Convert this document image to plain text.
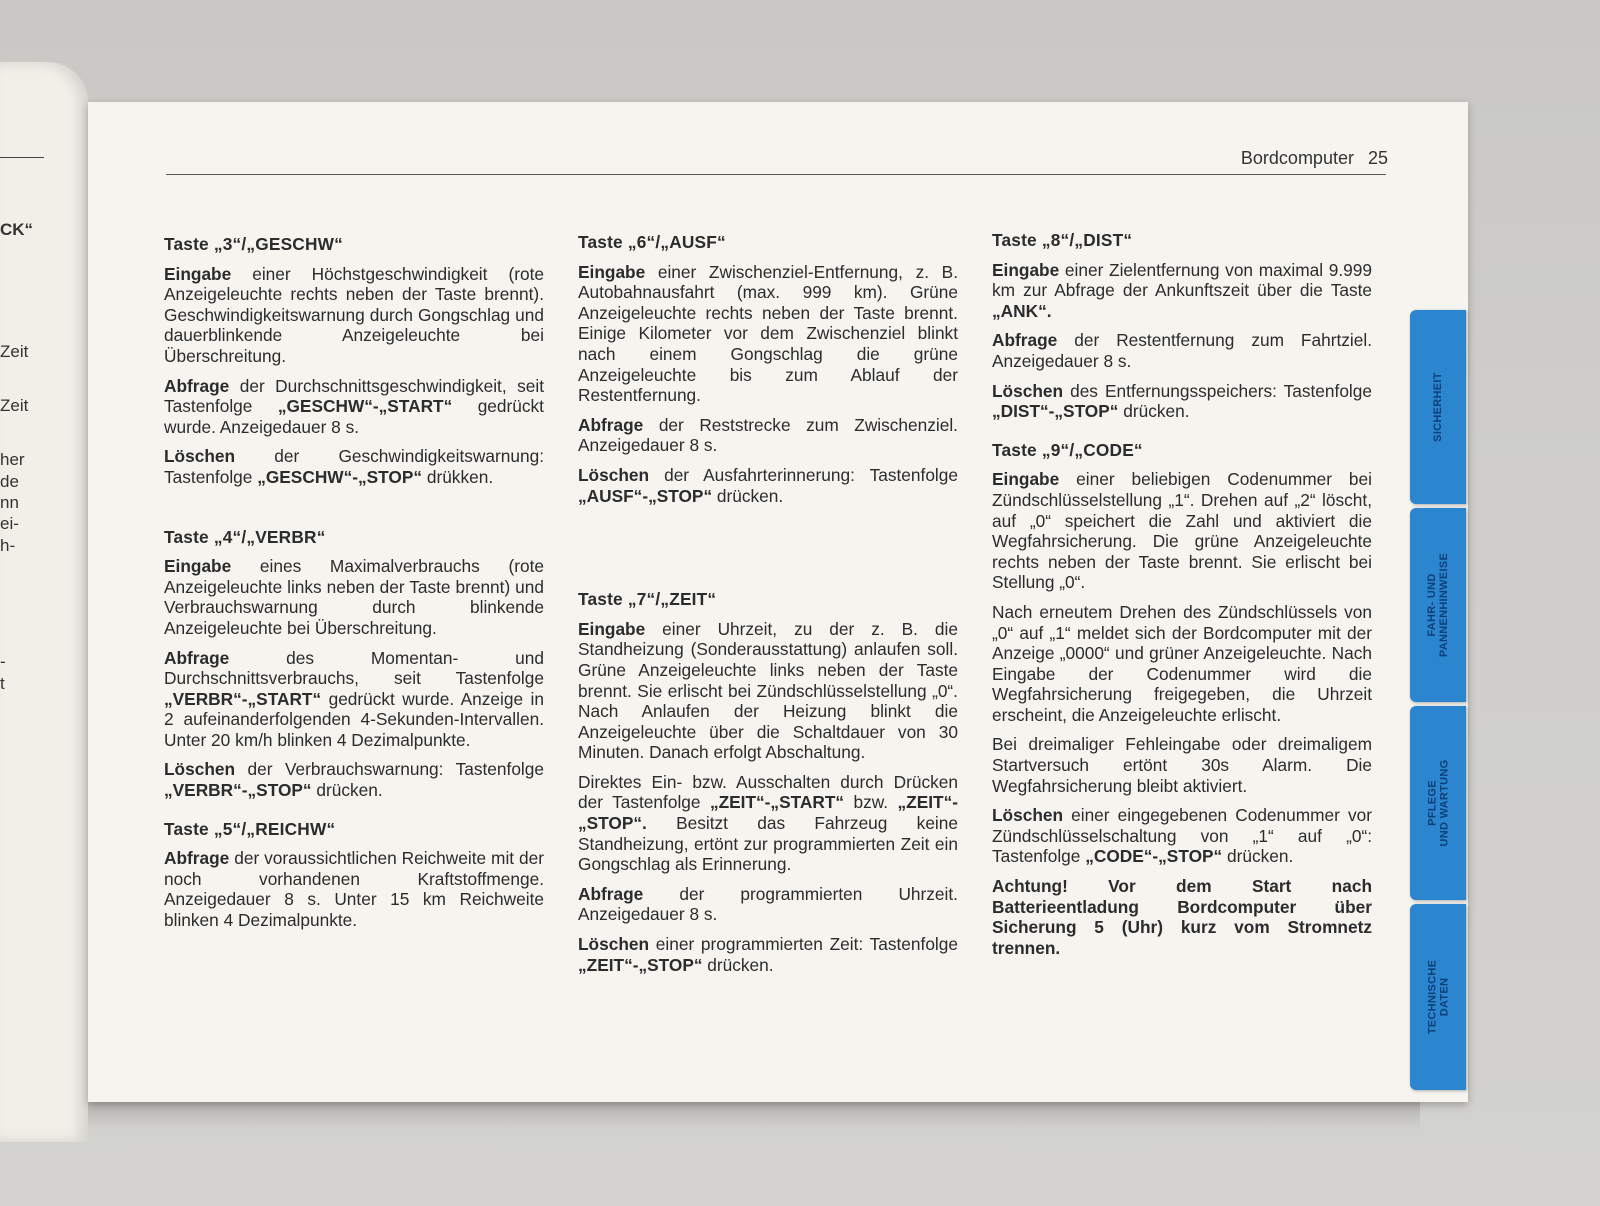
CK“
Zeit
Zeit
her
de
nn
ei-
h-
-
t
Bordcomputer 25
Taste „3“/„GESCHW“

Eingabe einer Höchstgeschwindigkeit (rote Anzeigeleuchte rechts neben der Taste brennt). Geschwindigkeitswarnung durch Gongschlag und dauerblinkende Anzeigeleuchte bei Überschreitung.

Abfrage der Durchschnittsgeschwindigkeit, seit Tastenfolge „GESCHW“-„START“ gedrückt wurde. Anzeigedauer 8 s.

Löschen der Geschwindigkeitswarnung: Tastenfolge „GESCHW“-„STOP“ drükken.

Taste „4“/„VERBR“

Eingabe eines Maximalverbrauchs (rote Anzeigeleuchte links neben der Taste brennt) und Verbrauchswarnung durch blinkende Anzeigeleuchte bei Überschreitung.

Abfrage des Momentan- und Durchschnittsverbrauchs, seit Tastenfolge „VERBR“-„START“ gedrückt wurde. Anzeige in 2 aufeinanderfolgenden 4-Sekunden-Intervallen. Unter 20 km/h blinken 4 Dezimalpunkte.

Löschen der Verbrauchswarnung: Tastenfolge „VERBR“-„STOP“ drücken.

Taste „5“/„REICHW“

Abfrage der voraussichtlichen Reichweite mit der noch vorhandenen Kraftstoffmenge. Anzeigedauer 8 s. Unter 15 km Reichweite blinken 4 Dezimalpunkte.

Taste „6“/„AUSF“

Eingabe einer Zwischenziel-Entfernung, z. B. Autobahnausfahrt (max. 999 km). Grüne Anzeigeleuchte rechts neben der Taste brennt. Einige Kilometer vor dem Zwischenziel blinkt nach einem Gongschlag die grüne Anzeigeleuchte bis zum Ablauf der Restentfernung.

Abfrage der Reststrecke zum Zwischenziel. Anzeigedauer 8 s.

Löschen der Ausfahrterinnerung: Tastenfolge „AUSF“-„STOP“ drücken.

Taste „7“/„ZEIT“

Eingabe einer Uhrzeit, zu der z. B. die Standheizung (Sonderausstattung) anlaufen soll. Grüne Anzeigeleuchte links neben der Taste brennt. Sie erlischt bei Zündschlüsselstellung „0“. Nach Anlaufen der Heizung blinkt die Anzeigeleuchte über die Schaltdauer von 30 Minuten. Danach erfolgt Abschaltung.

Direktes Ein- bzw. Ausschalten durch Drücken der Tastenfolge „ZEIT“-„START“ bzw. „ZEIT“-„STOP“. Besitzt das Fahrzeug keine Standheizung, ertönt zur programmierten Zeit ein Gongschlag als Erinnerung.

Abfrage der programmierten Uhrzeit. Anzeigedauer 8 s.

Löschen einer programmierten Zeit: Tastenfolge „ZEIT“-„STOP“ drücken.

Taste „8“/„DIST“

Eingabe einer Zielentfernung von maximal 9.999 km zur Abfrage der Ankunftszeit über die Taste „ANK“.

Abfrage der Restentfernung zum Fahrtziel. Anzeigedauer 8 s.

Löschen des Entfernungsspeichers: Tastenfolge „DIST“-„STOP“ drücken.

Taste „9“/„CODE“

Eingabe einer beliebigen Codenummer bei Zündschlüsselstellung „1“. Drehen auf „2“ löscht, auf „0“ speichert die Zahl und aktiviert die Wegfahrsicherung. Die grüne Anzeigeleuchte rechts neben der Taste brennt. Sie erlischt bei Stellung „0“.

Nach erneutem Drehen des Zündschlüssels von „0“ auf „1“ meldet sich der Bordcomputer mit der Anzeige „0000“ und grüner Anzeigeleuchte. Nach Eingabe der Codenummer wird die Wegfahrsicherung freigegeben, die Uhrzeit erscheint, die Anzeigeleuchte erlischt.

Bei dreimaliger Fehleingabe oder dreimaligem Startversuch ertönt 30s Alarm. Die Wegfahrsicherung bleibt aktiviert.

Löschen einer eingegebenen Codenummer vor Zündschlüsselschaltung von „1“ auf „0“: Tastenfolge „CODE“-„STOP“ drücken.

Achtung! Vor dem Start nach Batterieentladung Bordcomputer über Sicherung 5 (Uhr) kurz vom Stromnetz trennen.

SICHERHEIT
FAHR- UND
PANNENHINWEISE
PFLEGE
UND WARTUNG
TECHNISCHE
DATEN
